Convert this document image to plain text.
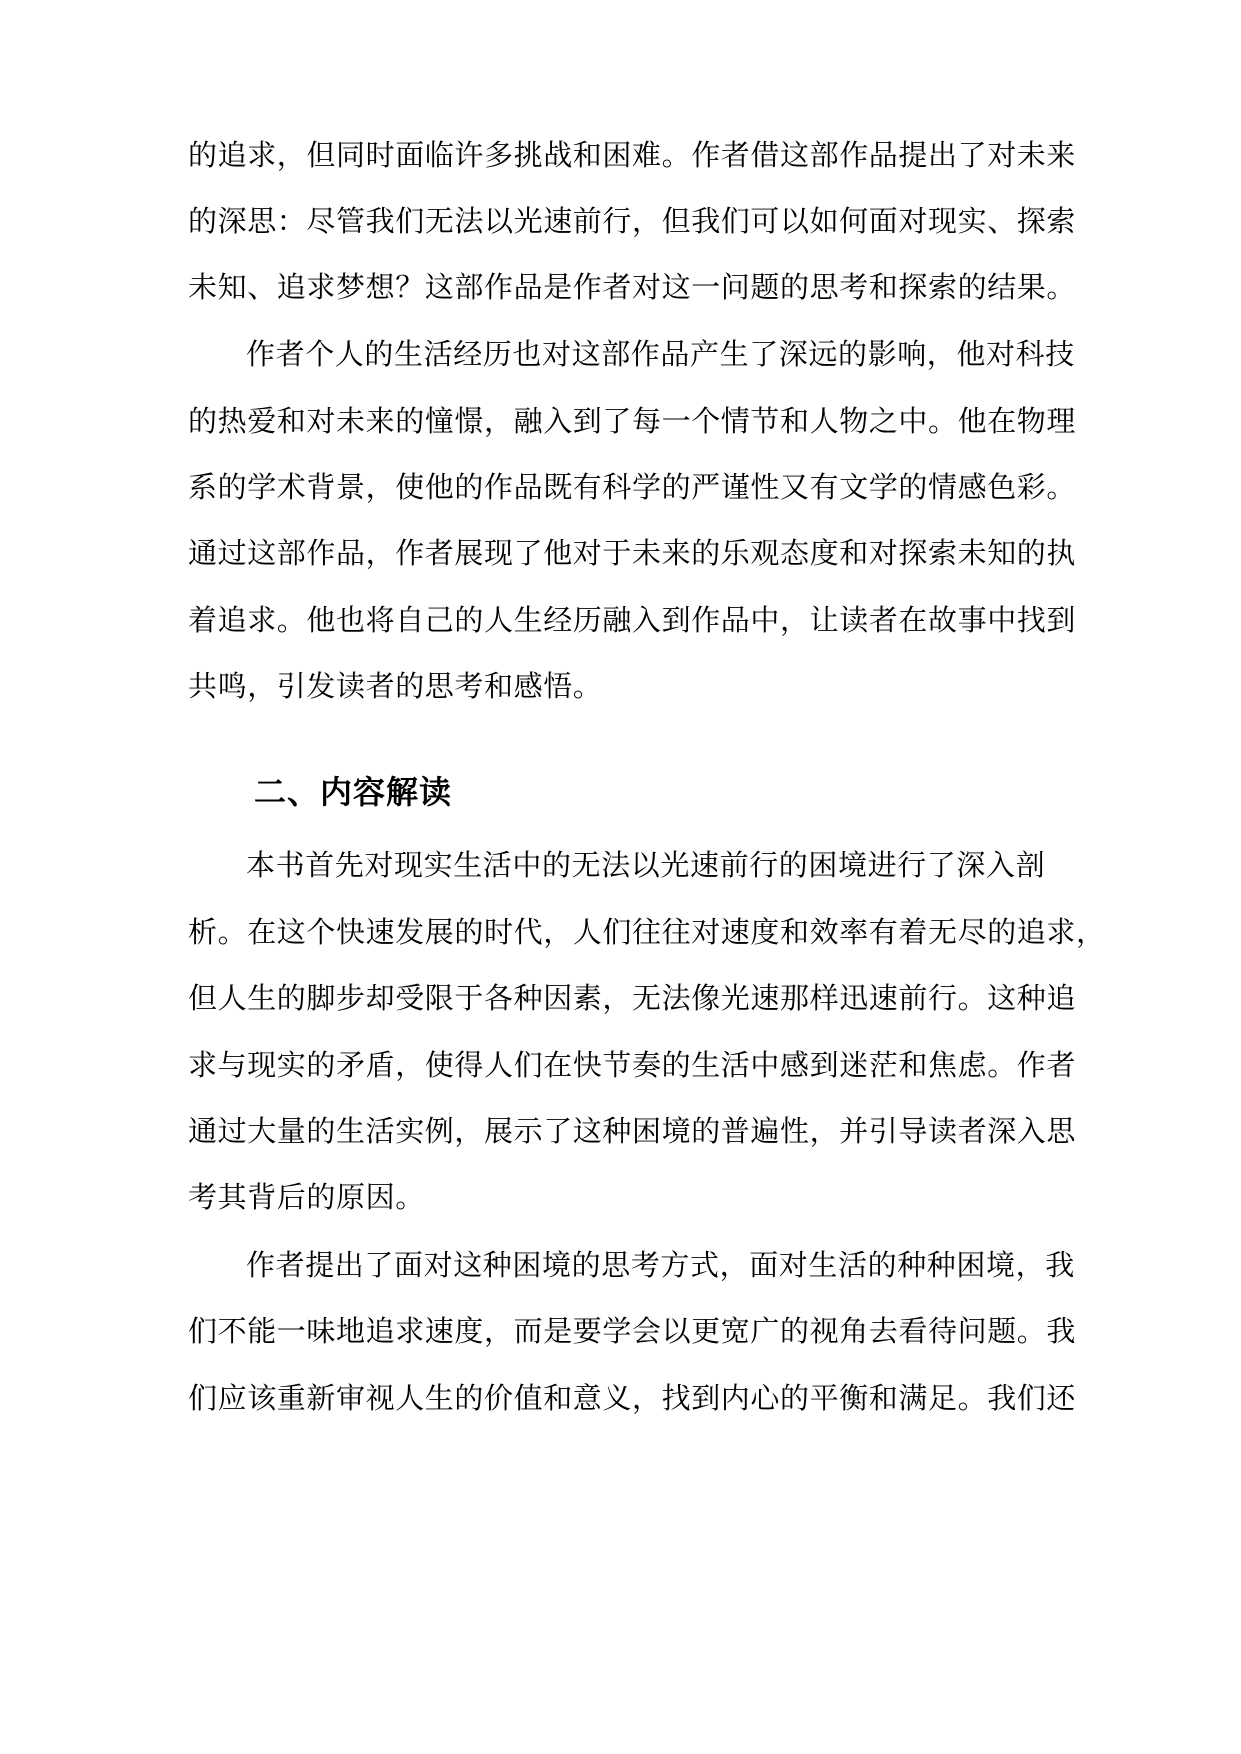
的追求，但同时面临许多挑战和困难。作者借这部作品提出了对未来
的深思：尽管我们无法以光速前行，但我们可以如何面对现实、探索
未知、追求梦想？这部作品是作者对这一问题的思考和探索的结果。
作者个人的生活经历也对这部作品产生了深远的影响，他对科技
的热爱和对未来的憧憬，融入到了每一个情节和人物之中。他在物理
系的学术背景，使他的作品既有科学的严谨性又有文学的情感色彩。
通过这部作品，作者展现了他对于未来的乐观态度和对探索未知的执
着追求。他也将自己的人生经历融入到作品中，让读者在故事中找到
共鸣，引发读者的思考和感悟。
二、内容解读
本书首先对现实生活中的无法以光速前行的困境进行了深入剖
析。在这个快速发展的时代，人们往往对速度和效率有着无尽的追求，
但人生的脚步却受限于各种因素，无法像光速那样迅速前行。这种追
求与现实的矛盾，使得人们在快节奏的生活中感到迷茫和焦虑。作者
通过大量的生活实例，展示了这种困境的普遍性，并引导读者深入思
考其背后的原因。
作者提出了面对这种困境的思考方式，面对生活的种种困境，我
们不能一味地追求速度，而是要学会以更宽广的视角去看待问题。我
们应该重新审视人生的价值和意义，找到内心的平衡和满足。我们还
